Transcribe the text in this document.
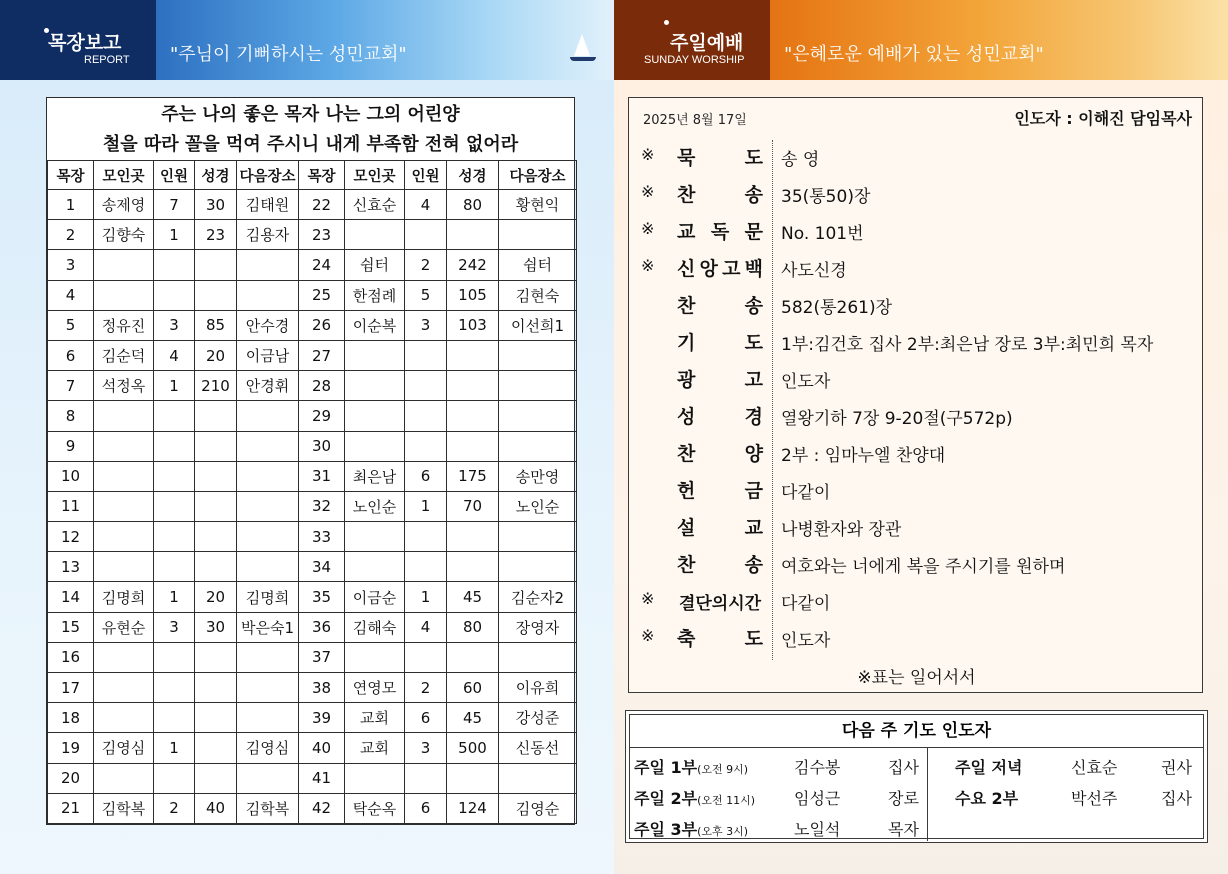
목장보고
REPORT "주님이 기뻐하시는 성민교회"
주일예배
SUNDAY WORSHIP "은혜로운 예배가 있는 성민교회"
주는 나의 좋은 목자 나는 그의 어린양
철을 따라 꼴을 먹여 주시니 내게 부족함 전혀 없어라
목장	모인곳	인원	성경	다음장소	목장	모인곳	인원	성경	다음장소
1	송제영	7	30	김태원	22	신효순	4	80	황현익
2	김향숙	1	23	김용자	23				
3					24	쉼터	2	242	쉼터
4					25	한점례	5	105	김현숙
5	정유진	3	85	안수경	26	이순복	3	103	이선희1
6	김순덕	4	20	이금남	27				
7	석정옥	1	210	안경휘	28				
8					29				
9					30				
10					31	최은남	6	175	송만영
11					32	노인순	1	70	노인순
12					33				
13					34				
14	김명희	1	20	김명희	35	이금순	1	45	김순자2
15	유현순	3	30	박은숙1	36	김해숙	4	80	장영자
16					37				
17					38	연영모	2	60	이유희
18					39	교회	6	45	강성준
19	김영심	1		김영심	40	교회	3	500	신동선
20					41				
21	김학복	2	40	김학복	42	탁순옥	6	124	김영순
2025년 8월 17일	인도자 : 이해진 담임목사
※ 묵	도 송 영
※ 찬	송 35(통50)장
※ 교 독 문 No. 101번
※ 신 앙 고 백 사도신경
찬	송 582(통261)장
기	도 1부:김건호 집사 2부:최은남 장로 3부:최민희 목자
광	고 인도자
성	경 열왕기하 7장 9-20절(구572p)
찬	양 2부 : 임마누엘 찬양대
헌	금 다같이
설	교 나병환자와 장관
찬	송 여호와는 너에게 복을 주시기를 원하며
※ 결단의시간 다같이
※ 축	도 인도자
※표는 일어서서
다음 주 기도 인도자
주일 1부(오전 9시)	김수봉	집사
주일 2부(오전 11시) 임성근	장로
주일 3부(오후 3시)	노일석	목자
주일 저녁	신효순	권사
수요 2부	박선주	집사
